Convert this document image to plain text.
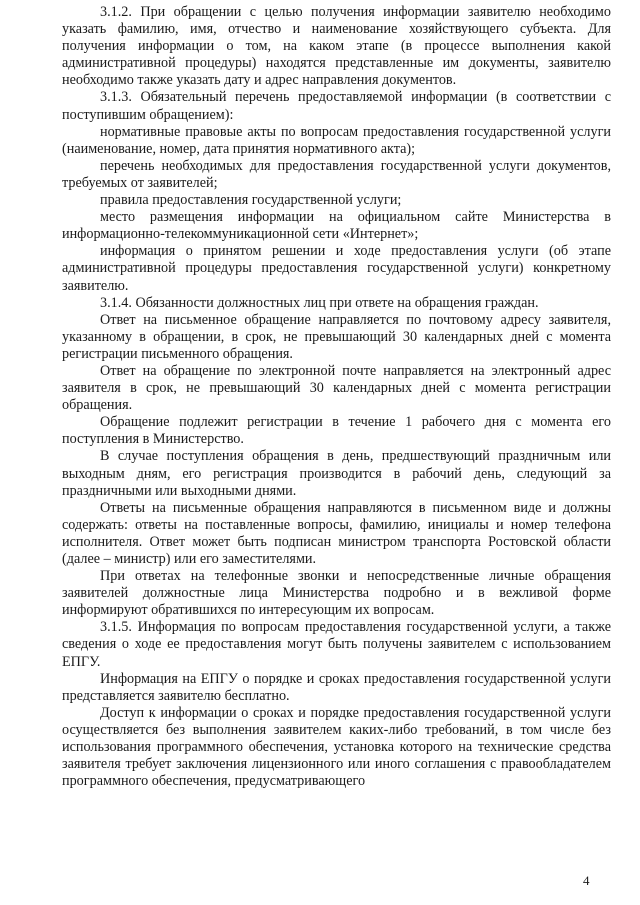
3.1.2. При обращении с целью получения информации заявителю необходимо указать фамилию, имя, отчество и наименование хозяйствующего субъекта. Для получения информации о том, на каком этапе (в процессе выполнения какой административной процедуры) находятся представленные им документы, заявителю необходимо также указать дату и адрес направления документов.

3.1.3. Обязательный перечень предоставляемой информации (в соответствии с поступившим обращением):

нормативные правовые акты по вопросам предоставления государственной услуги (наименование, номер, дата принятия нормативного акта);

перечень необходимых для предоставления государственной услуги документов, требуемых от заявителей;

правила предоставления государственной услуги;

место размещения информации на официальном сайте Министерства в информационно-телекоммуникационной сети «Интернет»;

информация о принятом решении и ходе предоставления услуги (об этапе административной процедуры предоставления государственной услуги) конкретному заявителю.

3.1.4. Обязанности должностных лиц при ответе на обращения граждан.

Ответ на письменное обращение направляется по почтовому адресу заявителя, указанному в обращении, в срок, не превышающий 30 календарных дней с момента регистрации письменного обращения.

Ответ на обращение по электронной почте направляется на электронный адрес заявителя в срок, не превышающий 30 календарных дней с момента регистрации обращения.

Обращение подлежит регистрации в течение 1 рабочего дня с момента его поступления в Министерство.

В случае поступления обращения в день, предшествующий праздничным или выходным дням, его регистрация производится в рабочий день, следующий за праздничными или выходными днями.

Ответы на письменные обращения направляются в письменном виде и должны содержать: ответы на поставленные вопросы, фамилию, инициалы и номер телефона исполнителя. Ответ может быть подписан министром транспорта Ростовской области (далее – министр) или его заместителями.

При ответах на телефонные звонки и непосредственные личные обращения заявителей должностные лица Министерства подробно и в вежливой форме информируют обратившихся по интересующим их вопросам.

3.1.5. Информация по вопросам предоставления государственной услуги, а также сведения о ходе ее предоставления могут быть получены заявителем с использованием ЕПГУ.

Информация на ЕПГУ о порядке и сроках предоставления государственной услуги представляется заявителю бесплатно.

Доступ к информации о сроках и порядке предоставления государственной услуги осуществляется без выполнения заявителем каких-либо требований, в том числе без использования программного обеспечения, установка которого на технические средства заявителя требует заключения лицензионного или иного соглашения с правообладателем программного обеспечения, предусматривающего

4
